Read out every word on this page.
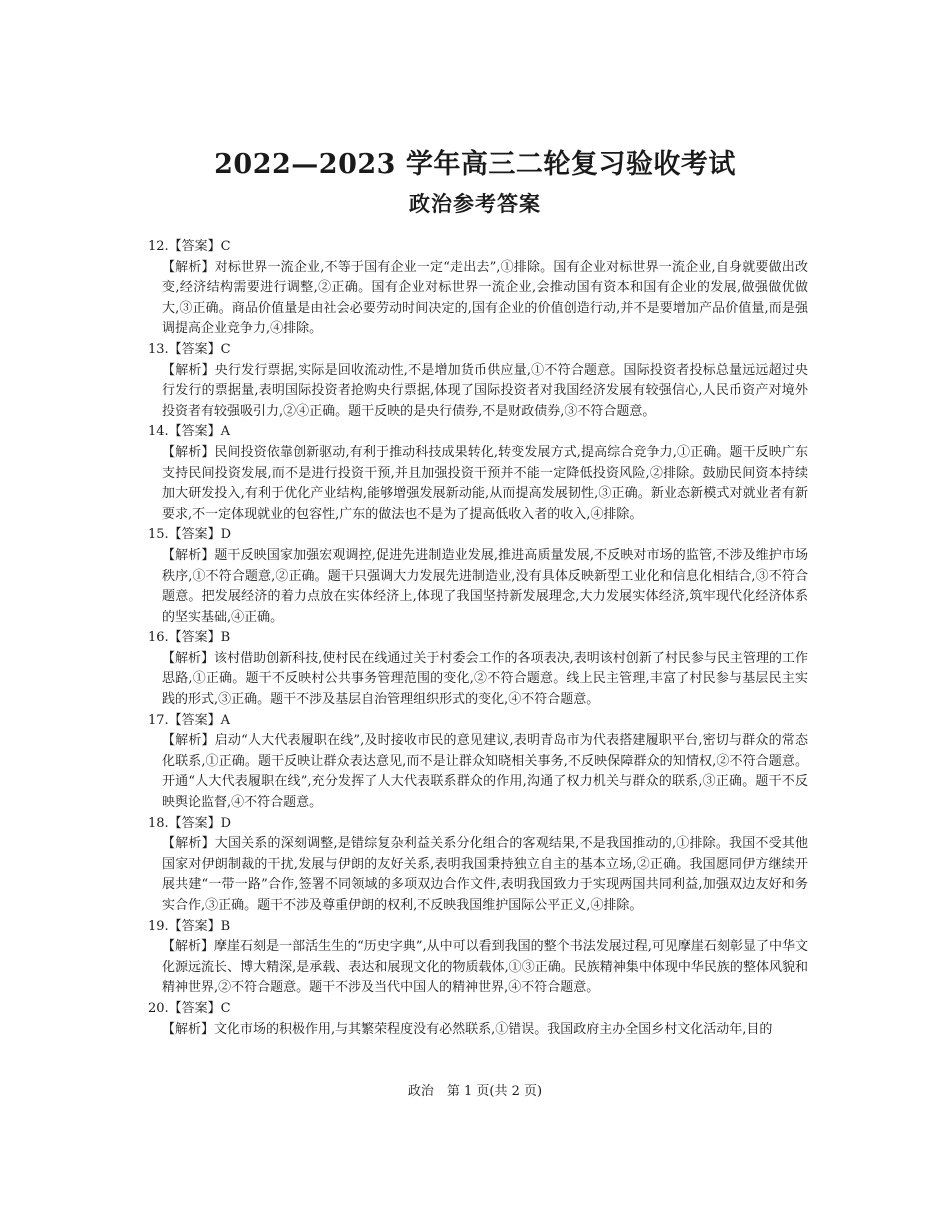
2022—2023 学年高三二轮复习验收考试
政治参考答案
12.【答案】C
【解析】对标世界一流企业,不等于国有企业一定“走出去”,①排除。国有企业对标世界一流企业,自身就要做出改变,经济结构需要进行调整,②正确。国有企业对标世界一流企业,会推动国有资本和国有企业的发展,做强做优做大,③正确。商品价值量是由社会必要劳动时间决定的,国有企业的价值创造行动,并不是要增加产品价值量,而是强调提高企业竞争力,④排除。
13.【答案】C
【解析】央行发行票据,实际是回收流动性,不是增加货币供应量,①不符合题意。国际投资者投标总量远远超过央行发行的票据量,表明国际投资者抢购央行票据,体现了国际投资者对我国经济发展有较强信心,人民币资产对境外投资者有较强吸引力,②④正确。题干反映的是央行债券,不是财政债券,③不符合题意。
14.【答案】A
【解析】民间投资依靠创新驱动,有利于推动科技成果转化,转变发展方式,提高综合竞争力,①正确。题干反映广东支持民间投资发展,而不是进行投资干预,并且加强投资干预并不能一定降低投资风险,②排除。鼓励民间资本持续加大研发投入,有利于优化产业结构,能够增强发展新动能,从而提高发展韧性,③正确。新业态新模式对就业者有新要求,不一定体现就业的包容性,广东的做法也不是为了提高低收入者的收入,④排除。
15.【答案】D
【解析】题干反映国家加强宏观调控,促进先进制造业发展,推进高质量发展,不反映对市场的监管,不涉及维护市场秩序,①不符合题意,②正确。题干只强调大力发展先进制造业,没有具体反映新型工业化和信息化相结合,③不符合题意。把发展经济的着力点放在实体经济上,体现了我国坚持新发展理念,大力发展实体经济,筑牢现代化经济体系的坚实基础,④正确。
16.【答案】B
【解析】该村借助创新科技,使村民在线通过关于村委会工作的各项表决,表明该村创新了村民参与民主管理的工作思路,①正确。题干不反映村公共事务管理范围的变化,②不符合题意。线上民主管理,丰富了村民参与基层民主实践的形式,③正确。题干不涉及基层自治管理组织形式的变化,④不符合题意。
17.【答案】A
【解析】启动“人大代表履职在线”,及时接收市民的意见建议,表明青岛市为代表搭建履职平台,密切与群众的常态化联系,①正确。题干反映让群众表达意见,而不是让群众知晓相关事务,不反映保障群众的知情权,②不符合题意。开通“人大代表履职在线”,充分发挥了人大代表联系群众的作用,沟通了权力机关与群众的联系,③正确。题干不反映舆论监督,④不符合题意。
18.【答案】D
【解析】大国关系的深刻调整,是错综复杂利益关系分化组合的客观结果,不是我国推动的,①排除。我国不受其他国家对伊朗制裁的干扰,发展与伊朗的友好关系,表明我国秉持独立自主的基本立场,②正确。我国愿同伊方继续开展共建“一带一路”合作,签署不同领域的多项双边合作文件,表明我国致力于实现两国共同利益,加强双边友好和务实合作,③正确。题干不涉及尊重伊朗的权利,不反映我国维护国际公平正义,④排除。
19.【答案】B
【解析】摩崖石刻是一部活生生的“历史字典”,从中可以看到我国的整个书法发展过程,可见摩崖石刻彰显了中华文化源远流长、博大精深,是承载、表达和展现文化的物质载体,①③正确。民族精神集中体现中华民族的整体风貌和精神世界,②不符合题意。题干不涉及当代中国人的精神世界,④不符合题意。
20.【答案】C
【解析】文化市场的积极作用,与其繁荣程度没有必然联系,①错误。我国政府主办全国乡村文化活动年,目的
政治　第 1 页(共 2 页)
